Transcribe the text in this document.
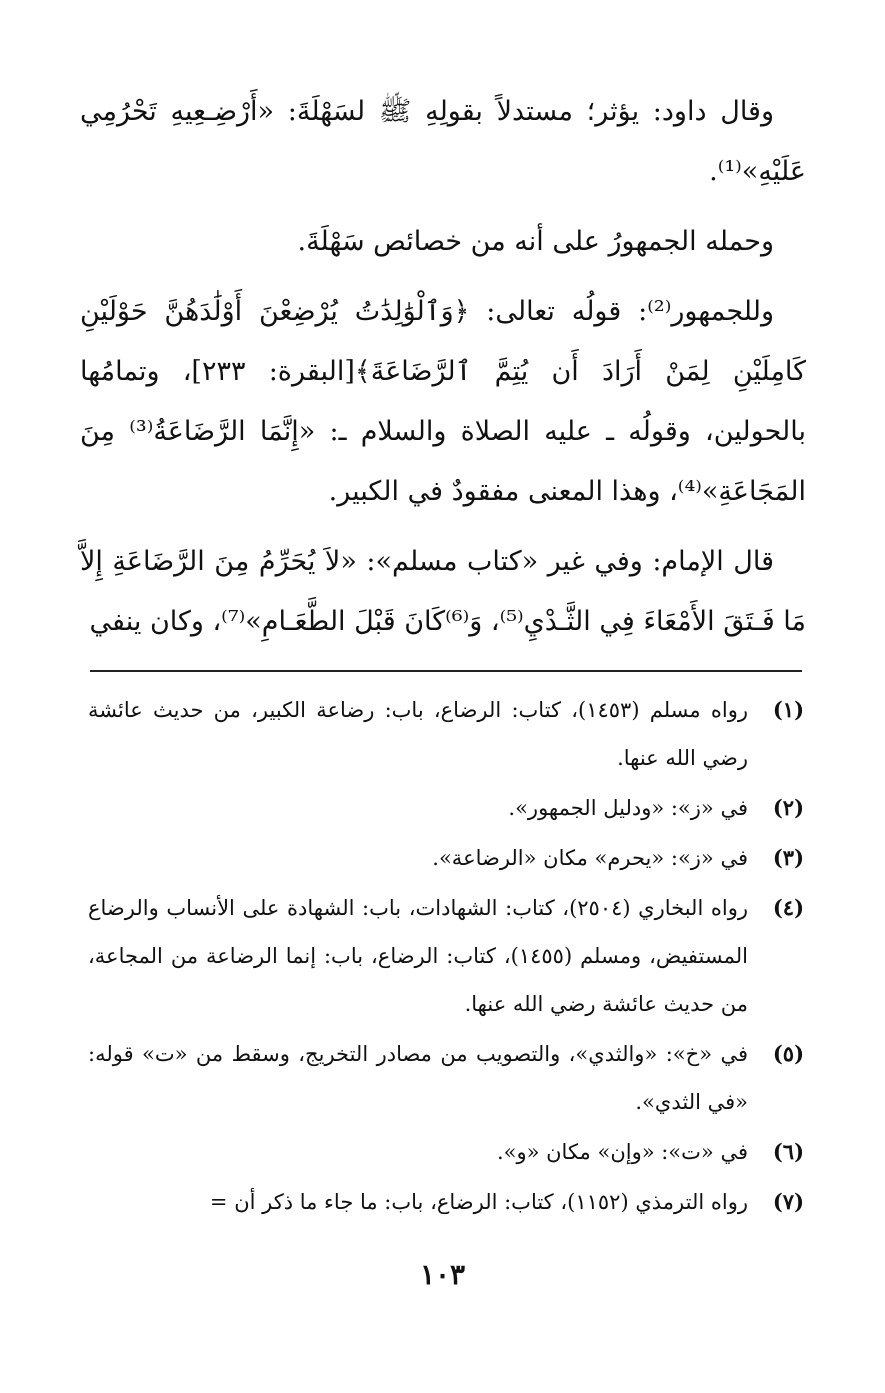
وقال داود: يؤثر؛ مستدلاً بقولِهِ ﷺ لسَهْلَةَ: «أَرْضِـعِيهِ تَحْرُمِي عَلَيْهِ»⁽¹⁾.

وحمله الجمهورُ على أنه من خصائص سَهْلَةَ.

وللجمهور⁽²⁾: قولُه تعالى: ﴿وَٱلْوَٰلِدَٰتُ يُرْضِعْنَ أَوْلَٰدَهُنَّ حَوْلَيْنِ كَامِلَيْنِ لِمَنْ أَرَادَ أَن يُتِمَّ ٱلرَّضَاعَةَ﴾[البقرة: ٢٣٣]، وتمامُها بالحولين، وقولُه ـ عليه الصلاة والسلام ـ: «إِنَّمَا الرَّضَاعَةُ⁽³⁾ مِنَ المَجَاعَةِ»⁽⁴⁾، وهذا المعنى مفقودٌ في الكبير.

قال الإمام: وفي غير «كتاب مسلم»: «لاَ يُحَرِّمُ مِنَ الرَّضَاعَةِ إِلاَّ مَا فَـتَقَ الأَمْعَاءَ فِي الثَّـدْيِ⁽⁵⁾، وَ⁽⁶⁾كَانَ قَبْلَ الطَّعَـامِ»⁽⁷⁾، وكان ينفي

(١)
رواه مسلم (١٤٥٣)، كتاب: الرضاع، باب: رضاعة الكبير، من حديث عائشة رضي الله عنها.
(٢)
في «ز»: «ودليل الجمهور».
(٣)
في «ز»: «يحرم» مكان «الرضاعة».
(٤)
رواه البخاري (٢٥٠٤)، كتاب: الشهادات، باب: الشهادة على الأنساب والرضاع المستفيض، ومسلم (١٤٥٥)، كتاب: الرضاع، باب: إنما الرضاعة من المجاعة، من حديث عائشة رضي الله عنها.
(٥)
في «خ»: «والثدي»، والتصويب من مصادر التخريج، وسقط من «ت» قوله: «في الثدي».
(٦)
في «ت»: «وإن» مكان «و».
(٧)
رواه الترمذي (١١٥٢)، كتاب: الرضاع، باب: ما جاء ما ذكر أن =
١٠٣
